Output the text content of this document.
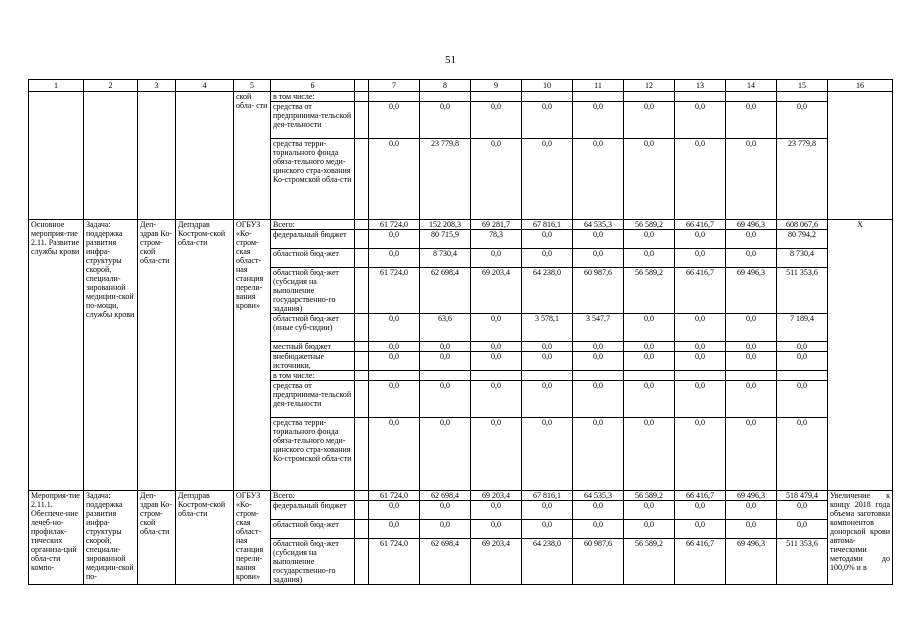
51
1	2	3	4	5	6		7	8	9	10	11	12	13	14	15	16
				ской обла- сти	в том числе:											
					средства от предпринима-тельской дея-тельности		0,0	0,0	0,0	0,0	0,0	0,0	0,0	0,0	0,0	
					средства терри-ториального фонда обяза-тельного меди-цинского стра-хования Ко-стромской обла-сти		0,0	23 779,8	0,0	0,0	0,0	0,0	0,0	0,0	23 779,8	
Основное мероприя-тие 2.11. Развитие службы крови	Задача: поддержка развития инфра-структуры скорой, специали-зированной медицин-ской по-мощи, службы крови	Деп-здрав Ко-стром-ской обла-сти	Депздрав Костром-ской обла-сти	ОГБУЗ «Ко-стром-ская област-ная станция перели-вания крови»	Всего:		61 724,0	152 208,3	69 281,7	67 816,1	64 535,3	56 589,2	66 416,7	69 496,3	608 067,6	Х
					федеральный бюджет		0,0	80 715,9	78,3	0,0	0,0	0,0	0,0	0,0	80 794,2	
					областной бюд-жет		0,0	8 730,4	0,0	0,0	0,0	0,0	0,0	0,0	8 730,4	
					областной бюд-жет (субсидия на выполнение государственно-го задания)		61 724,0	62 698,4	69 203,4	64 238,0	60 987,6	56 589,2	66 416,7	69 496,3	511 353,6	
					областной бюд-жет (иные суб-сидии)		0,0	63,6	0,0	3 578,1	3 547,7	0,0	0,0	0,0	7 189,4	
					местный бюджет		0,0	0,0	0,0	0,0	0,0	0,0	0,0	0,0	0,0	
					внебюджетные источники,		0,0	0,0	0,0	0,0	0,0	0,0	0,0	0,0	0,0	
					в том числе:											
					средства от предпринима-тельской дея-тельности		0,0	0,0	0,0	0,0	0,0	0,0	0,0	0,0	0,0	
					средства терри-ториального фонда обяза-тельного меди-цинского стра-хования Ко-стромской обла-сти		0,0	0,0	0,0	0,0	0,0	0,0	0,0	0,0	0,0	
Мероприя-тие 2.11.1. Обеспече-ние лечеб-но-профилак-тических организа-ций обла-сти компо-	Задача: поддержка развития инфра-структуры скорой, специали-зированной медицин-ской по-	Деп-здрав Ко-стром-ской обла-сти	Депздрав Костром-ской обла-сти	ОГБУЗ «Ко-стром-ская област-ная станция перели-вания крови»	Всего:		61 724,0	62 698,4	69 203,4	67 816,1	64 535,3	56 589,2	66 416,7	69 496,3	518 479,4	Увеличение к концу 2018 года объема заготовки компонентов донорской крови автома-тическими методами до 100,0% и в
					федеральный бюджет		0,0	0,0	0,0	0,0	0,0	0,0	0,0	0,0	0,0	
					областной бюд-жет		0,0	0,0	0,0	0,0	0,0	0,0	0,0	0,0	0,0	
					областной бюд-жет (субсидия на выполнение государственно-го задания)		61 724,0	62 698,4	69 203,4	64 238,0	60 987,6	56 589,2	66 416,7	69 496,3	511 353,6	
